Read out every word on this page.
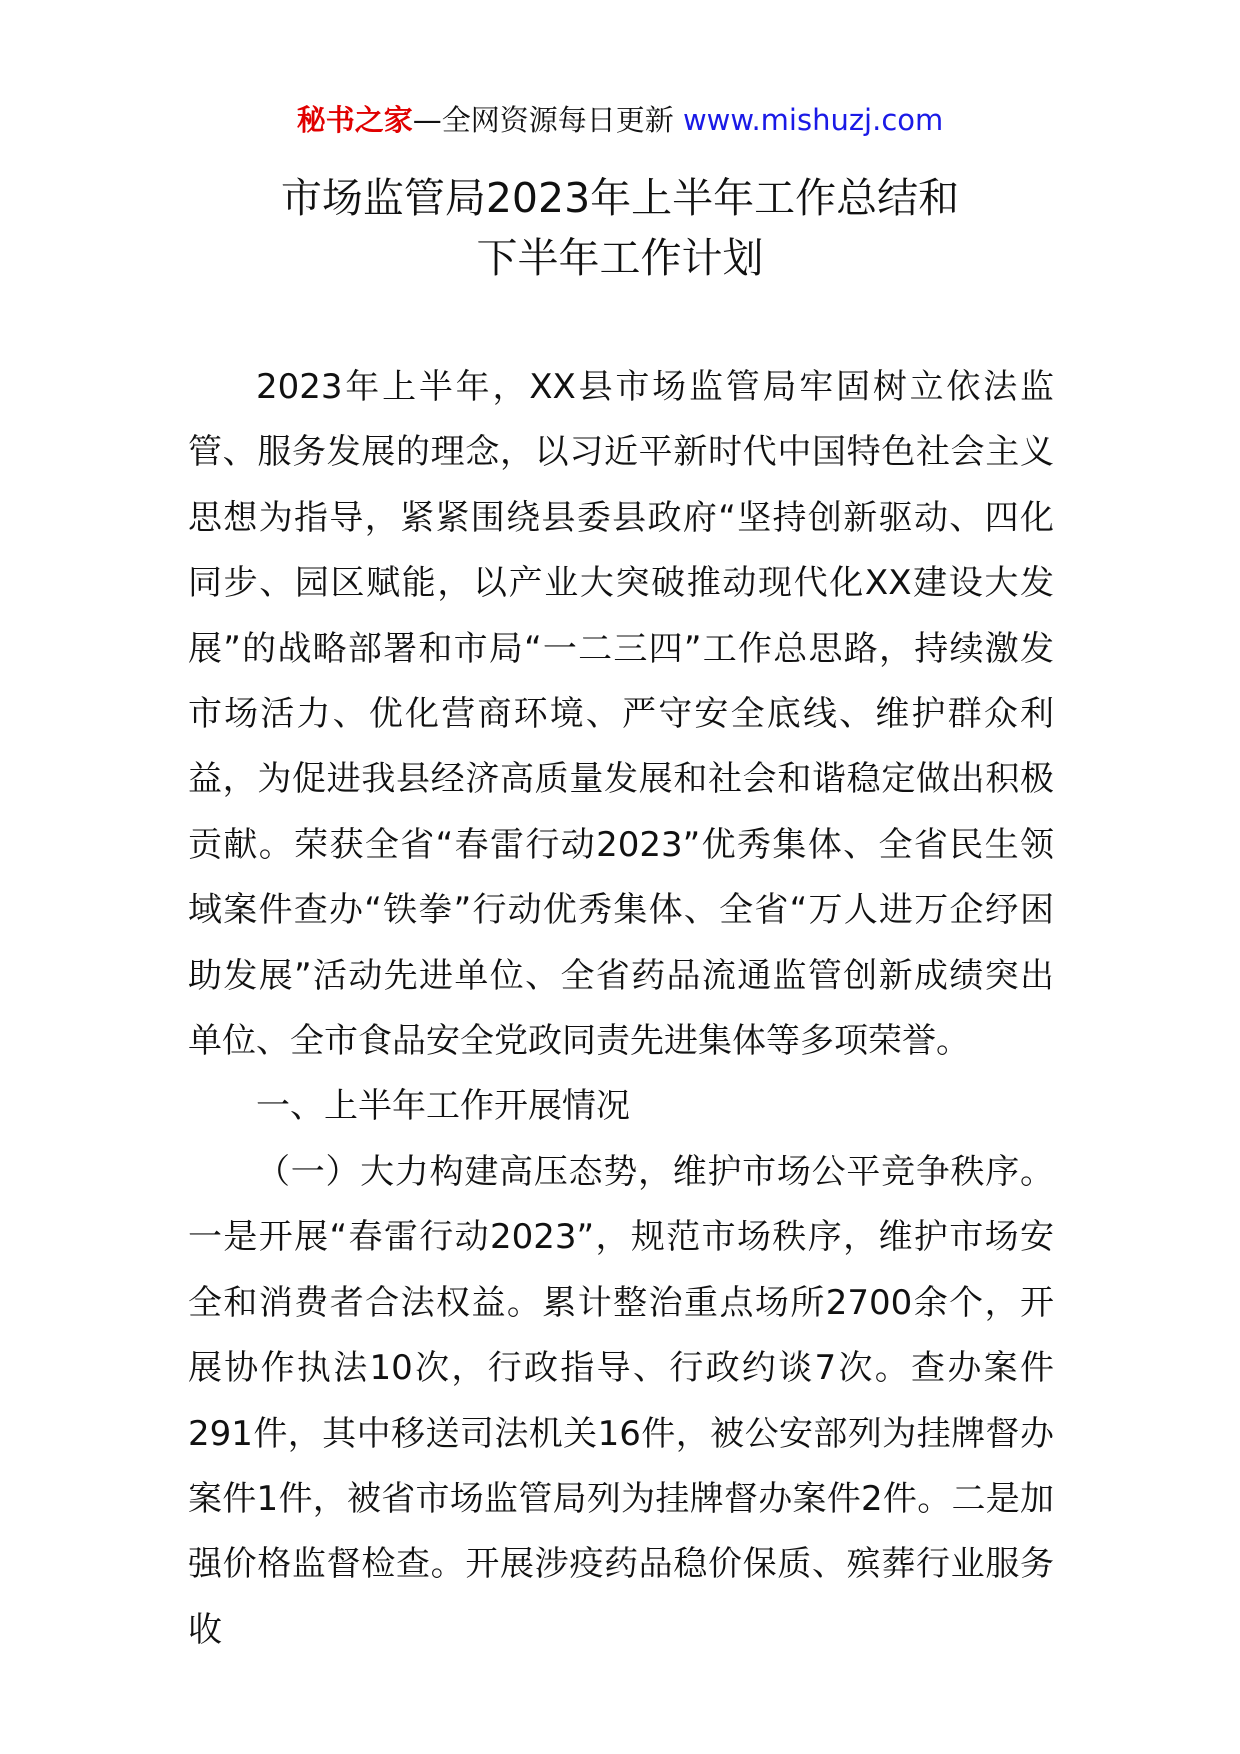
秘书之家—全网资源每日更新 www.mishuzj.com
市场监管局2023年上半年工作总结和
下半年工作计划

2023年上半年，XX县市场监管局牢固树立依法监管、服务发展的理念，以习近平新时代中国特色社会主义思想为指导，紧紧围绕县委县政府“坚持创新驱动、四化同步、园区赋能，以产业大突破推动现代化XX建设大发展”的战略部署和市局“一二三四”工作总思路，持续激发市场活力、优化营商环境、严守安全底线、维护群众利益，为促进我县经济高质量发展和社会和谐稳定做出积极贡献。荣获全省“春雷行动2023”优秀集体、全省民生领域案件查办“铁拳”行动优秀集体、全省“万人进万企纾困助发展”活动先进单位、全省药品流通监管创新成绩突出单位、全市食品安全党政同责先进集体等多项荣誉。

一、上半年工作开展情况

（一）大力构建高压态势，维护市场公平竞争秩序。一是开展“春雷行动2023”，规范市场秩序，维护市场安全和消费者合法权益。累计整治重点场所2700余个，开展协作执法10次，行政指导、行政约谈7次。查办案件291件，其中移送司法机关16件，被公安部列为挂牌督办案件1件，被省市场监管局列为挂牌督办案件2件。二是加强价格监督检查。开展涉疫药品稳价保质、殡葬行业服务收
